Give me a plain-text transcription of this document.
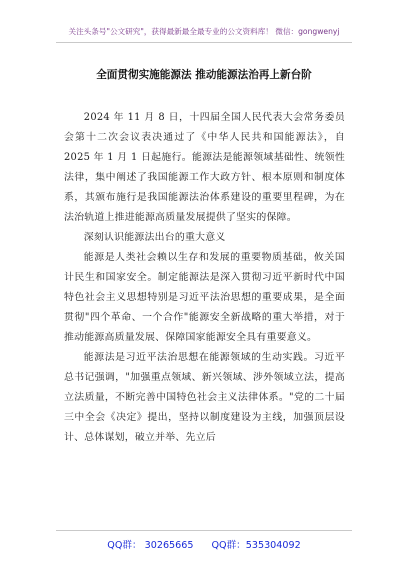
关注头条号"公文研究"，获得最新最全最专业的公文资料库！ 微信：gongwenyj
全面贯彻实施能源法 推动能源法治再上新台阶

2024 年 11 月 8 日，十四届全国人民代表大会常务委员会第十二次会议表决通过了《中华人民共和国能源法》，自 2025 年 1 月 1 日起施行。能源法是能源领域基础性、统领性法律，集中阐述了我国能源工作大政方针、根本原则和制度体系，其颁布施行是我国能源法治体系建设的重要里程碑，为在法治轨道上推进能源高质量发展提供了坚实的保障。

深刻认识能源法出台的重大意义

能源是人类社会赖以生存和发展的重要物质基础，攸关国计民生和国家安全。制定能源法是深入贯彻习近平新时代中国特色社会主义思想特别是习近平法治思想的重要成果，是全面贯彻"四个革命、一个合作"能源安全新战略的重大举措，对于推动能源高质量发展、保障国家能源安全具有重要意义。

能源法是习近平法治思想在能源领域的生动实践。习近平总书记强调，"加强重点领域、新兴领域、涉外领域立法，提高立法质量，不断完善中国特色社会主义法律体系。"党的二十届三中全会《决定》提出，坚持以制度建设为主线，加强顶层设计、总体谋划，破立并举、先立后

QQ群： 30265665 QQ群：535304092
